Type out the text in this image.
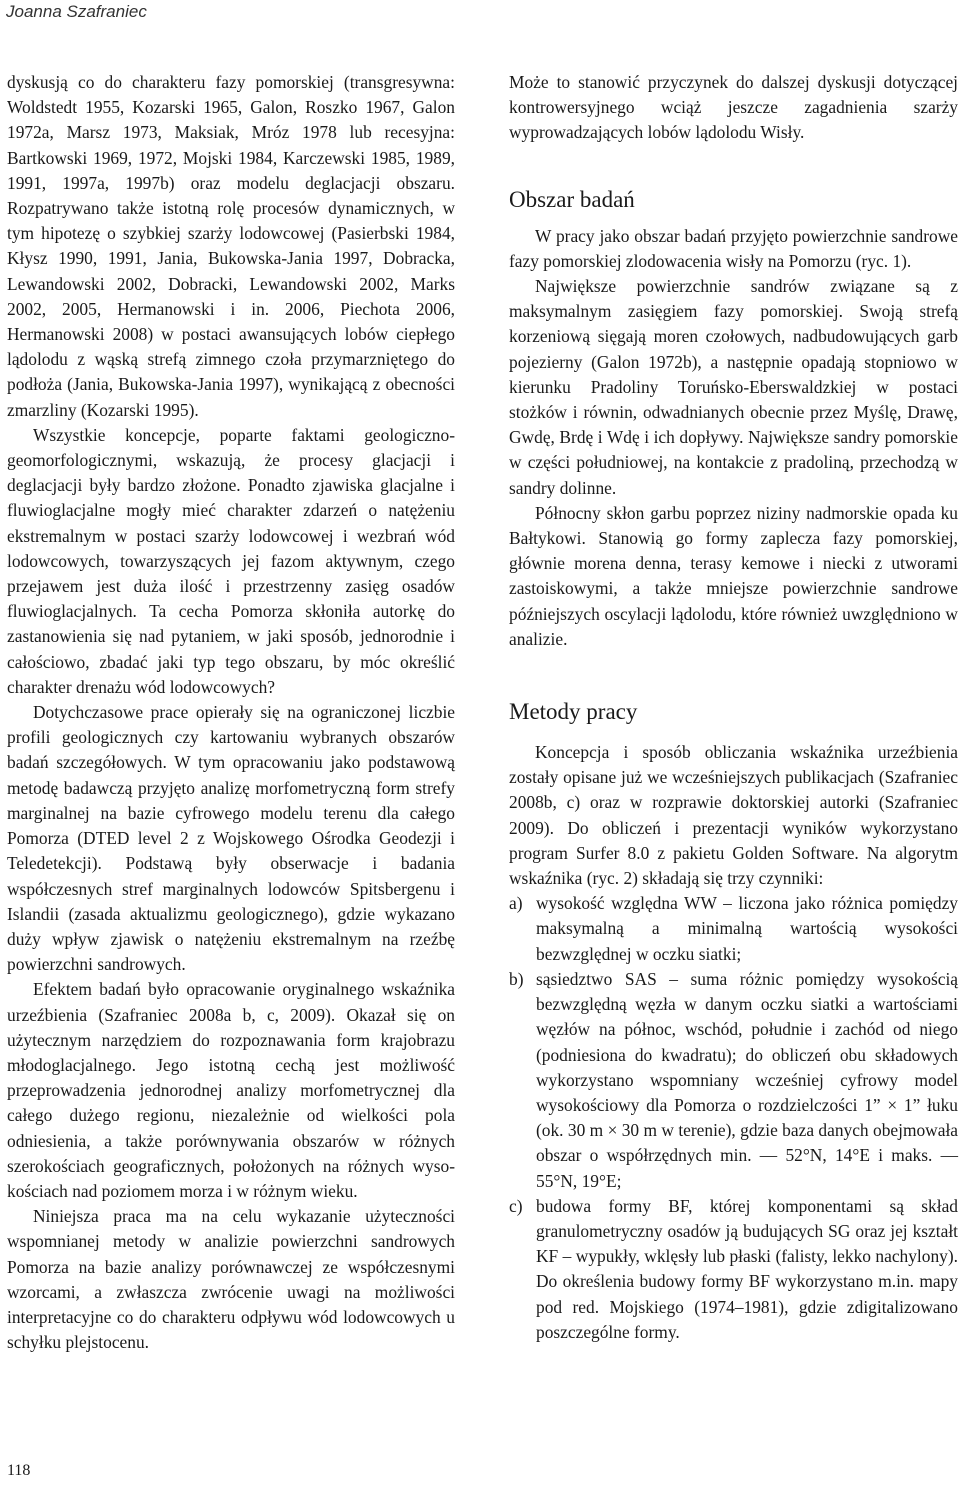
Joanna Szafraniec

dyskusją co do charakteru fazy pomorskiej (transgresywna: Woldstedt 1955, Kozarski 1965, Galon, Roszko 1967, Galon 1972a, Marsz 1973, Maksiak, Mróz 1978 lub recesyjna: Bartkowski 1969, 1972, Mojski 1984, Karczewski 1985, 1989, 1991, 1997a, 1997b) oraz modelu deglacjacji obszaru. Rozpatrywano także istotną rolę procesów dynamicznych, w tym hipotezę o szybkiej szarży lodowcowej (Pasierbski 1984, Kłysz 1990, 1991, Jania, Bukowska-Jania 1997, Dobracka, Lewandowski 2002, Dobracki, Lewandowski 2002, Marks 2002, 2005, Hermanowski i in. 2006, Piechota 2006, Hermanowski 2008) w postaci awansujących lobów ciepłego lądolodu z wąską strefą zimnego czoła przymarzniętego do podłoża (Jania, Bukowska-Jania 1997), wynikającą z obecności zmarzliny (Kozarski 1995).

Wszystkie koncepcje, poparte faktami geologiczno-geomorfologicznymi, wskazują, że procesy glacjacji i deglacjacji były bardzo złożone. Ponadto zjawiska glacjalne i fluwioglacjalne mogły mieć charakter zdarzeń o natężeniu ekstremalnym w postaci szarży lodowcowej i wezbrań wód lodowcowych, towarzyszących jej fazom aktywnym, czego przejawem jest duża ilość i przestrzenny zasięg osadów fluwioglacjalnych. Ta cecha Pomorza skłoniła autorkę do zastanowienia się nad pytaniem, w jaki sposób, jednorodnie i całościowo, zbadać jaki typ tego obszaru, by móc określić charakter drenażu wód lodowcowych?

Dotychczasowe prace opierały się na ograniczonej liczbie profili geologicznych czy kartowaniu wybranych obszarów badań szczegółowych. W tym opracowaniu jako podstawową metodę badawczą przyjęto analizę morfometryczną form strefy marginalnej na bazie cyfrowego modelu terenu dla całego Pomorza (DTED level 2 z Wojskowego Ośrodka Geodezji i Teledetekcji). Podstawą były obserwacje i badania współczesnych stref marginalnych lodowców Spitsbergenu i Islandii (zasada aktualizmu geologicznego), gdzie wykazano duży wpływ zjawisk o natężeniu ekstremalnym na rzeźbę powierzchni sandrowych.

Efektem badań było opracowanie oryginalnego wskaźnika urzeźbienia (Szafraniec 2008a b, c, 2009). Okazał się on użytecznym narzędziem do rozpoznawania form krajobrazu młodoglacjalnego. Jego istotną cechą jest możliwość przeprowadzenia jednorodnej analizy morfometrycznej dla całego dużego regionu, niezależnie od wielkości pola odniesienia, a także porównywania obszarów w różnych szerokościach geograficznych, położonych na różnych wysokościach nad poziomem morza i w różnym wieku.

Niniejsza praca ma na celu wykazanie użyteczności wspomnianej metody w analizie powierzchni sandrowych Pomorza na bazie analizy porównawczej ze współczesnymi wzorcami, a zwłaszcza zwrócenie uwagi na możliwości interpretacyjne co do charakteru odpływu wód lodowcowych u schyłku plejstocenu.

Może to stanowić przyczynek do dalszej dyskusji dotyczącej kontrowersyjnego wciąż jeszcze zagadnienia szarży wyprowadzających lobów lądolodu Wisły.

Obszar badań

W pracy jako obszar badań przyjęto powierzchnie sandrowe fazy pomorskiej zlodowacenia wisły na Pomorzu (ryc. 1).

Największe powierzchnie sandrów związane są z maksymalnym zasięgiem fazy pomorskiej. Swoją strefą korzeniową sięgają moren czołowych, nadbudowujących garb pojezierny (Galon 1972b), a następnie opadają stopniowo w kierunku Pradoliny Toruńsko-Eberswaldzkiej w postaci stożków i równin, odwadnianych obecnie przez Myślę, Drawę, Gwdę, Brdę i Wdę i ich dopływy. Największe sandry pomorskie w części południowej, na kontakcie z pradoliną, przechodzą w sandry dolinne.

Północny skłon garbu poprzez niziny nadmorskie opada ku Bałtykowi. Stanowią go formy zaplecza fazy pomorskiej, głównie morena denna, terasy kemowe i niecki z utworami zastoiskowymi, a także mniejsze powierzchnie sandrowe późniejszych oscylacji lądolodu, które również uwzględniono w analizie.

Metody pracy

Koncepcja i sposób obliczania wskaźnika urzeźbienia zostały opisane już we wcześniejszych publikacjach (Szafraniec 2008b, c) oraz w rozprawie doktorskiej autorki (Szafraniec 2009). Do obliczeń i prezentacji wyników wykorzystano program Surfer 8.0 z pakietu Golden Software. Na algorytm wskaźnika (ryc. 2) składają się trzy czynniki:

a) wysokość względna WW – liczona jako różnica pomiędzy maksymalną a minimalną wartością wysokości bezwzględnej w oczku siatki;
b) sąsiedztwo SAS – suma różnic pomiędzy wysokością bezwzględną węzła w danym oczku siatki a wartościami węzłów na północ, wschód, południe i zachód od niego (podniesiona do kwadratu); do obliczeń obu składowych wykorzystano wspomniany wcześniej cyfrowy model wysokościowy dla Pomorza o rozdzielczości 1” × 1” łuku (ok. 30 m × 30 m w terenie), gdzie baza danych obejmowała obszar o współrzędnych min. — 52°N, 14°E i maks. — 55°N, 19°E;
c) budowa formy BF, której komponentami są skład granulometryczny osadów ją budujących SG oraz jej kształt KF – wypukły, wklęsły lub płaski (falisty, lekko nachylony). Do określenia budowy formy BF wykorzystano m.in. mapy pod red. Mojskiego (1974–1981), gdzie zdigitalizowano poszczególne formy.
118
